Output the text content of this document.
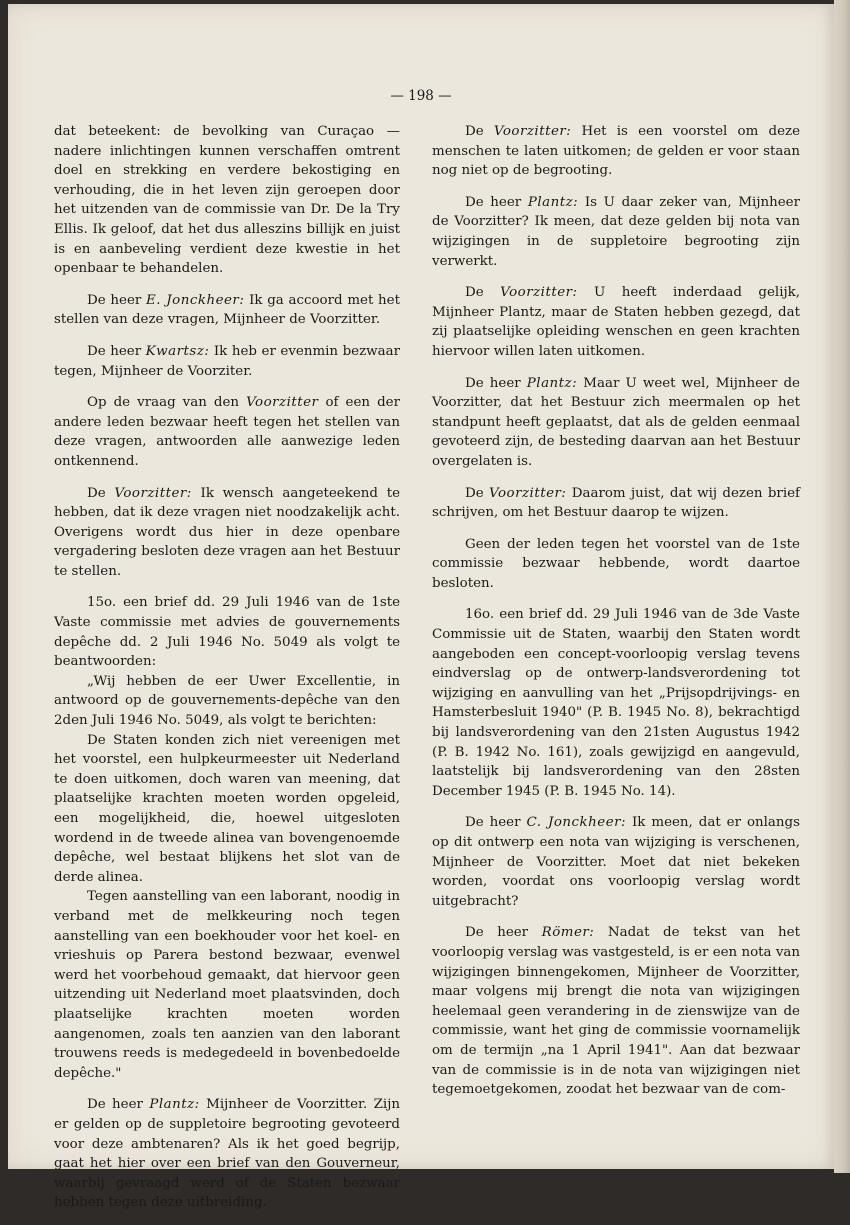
— 198 —

dat beteekent: de bevolking van Curaçao — nadere inlichtingen kunnen verschaffen omtrent doel en strekking en verdere bekostiging en verhouding, die in het leven zijn geroepen door het uitzenden van de commissie van Dr. De la Try Ellis. Ik geloof, dat het dus alleszins billijk en juist is en aanbeveling verdient deze kwestie in het openbaar te behandelen.

De heer E. Jonckheer: Ik ga accoord met het stellen van deze vragen, Mijnheer de Voorzitter.

De heer Kwartsz: Ik heb er evenmin bezwaar tegen, Mijnheer de Voorziter.

Op de vraag van den Voorzitter of een der andere leden bezwaar heeft tegen het stellen van deze vragen, antwoorden alle aanwezige leden ontkennend.

De Voorzitter: Ik wensch aangeteekend te hebben, dat ik deze vragen niet noodzakelijk acht. Overigens wordt dus hier in deze openbare vergadering besloten deze vragen aan het Bestuur te stellen.

15o. een brief dd. 29 Juli 1946 van de 1ste Vaste commissie met advies de gouvernements depêche dd. 2 Juli 1946 No. 5049 als volgt te beantwoorden:

„Wij hebben de eer Uwer Excellentie, in antwoord op de gouvernements-depêche van den 2den Juli 1946 No. 5049, als volgt te berichten:

De Staten konden zich niet vereenigen met het voorstel, een hulpkeurmeester uit Nederland te doen uitkomen, doch waren van meening, dat plaatselijke krachten moeten worden opgeleid, een mogelijkheid, die, hoewel uitgesloten wordend in de tweede alinea van bovengenoemde depêche, wel bestaat blijkens het slot van de derde alinea.

Tegen aanstelling van een laborant, noodig in verband met de melkkeuring noch tegen aanstelling van een boekhouder voor het koel- en vrieshuis op Parera bestond bezwaar, evenwel werd het voorbehoud gemaakt, dat hiervoor geen uitzending uit Nederland moet plaatsvinden, doch plaatselijke krachten moeten worden aangenomen, zoals ten aanzien van den laborant trouwens reeds is medegedeeld in bovenbedoelde depêche."

De heer Plantz: Mijnheer de Voorzitter. Zijn er gelden op de suppletoire begrooting gevoteerd voor deze ambtenaren? Als ik het goed begrijp, gaat het hier over een brief van den Gouverneur, waarbij gevraagd werd of de Staten bezwaar hebben tegen deze uitbreiding.

De Voorzitter: Het is een voorstel om deze menschen te laten uitkomen; de gelden er voor staan nog niet op de begrooting.

De heer Plantz: Is U daar zeker van, Mijnheer de Voorzitter? Ik meen, dat deze gelden bij nota van wijzigingen in de suppletoire begrooting zijn verwerkt.

De Voorzitter: U heeft inderdaad gelijk, Mijnheer Plantz, maar de Staten hebben gezegd, dat zij plaatselijke opleiding wenschen en geen krachten hiervoor willen laten uitkomen.

De heer Plantz: Maar U weet wel, Mijnheer de Voorzitter, dat het Bestuur zich meermalen op het standpunt heeft geplaatst, dat als de gelden eenmaal gevoteerd zijn, de besteding daarvan aan het Bestuur overgelaten is.

De Voorzitter: Daarom juist, dat wij dezen brief schrijven, om het Bestuur daarop te wijzen.

Geen der leden tegen het voorstel van de 1ste commissie bezwaar hebbende, wordt daartoe besloten.

16o. een brief dd. 29 Juli 1946 van de 3de Vaste Commissie uit de Staten, waarbij den Staten wordt aangeboden een concept-voorloopig verslag tevens eindverslag op de ontwerp-landsverordening tot wijziging en aanvulling van het „Prijsopdrijvings- en Hamsterbesluit 1940" (P. B. 1945 No. 8), bekrachtigd bij landsverordening van den 21sten Augustus 1942 (P. B. 1942 No. 161), zoals gewijzigd en aangevuld, laatstelijk bij landsverordening van den 28sten December 1945 (P. B. 1945 No. 14).

De heer C. Jonckheer: Ik meen, dat er onlangs op dit ontwerp een nota van wijziging is verschenen, Mijnheer de Voorzitter. Moet dat niet bekeken worden, voordat ons voorloopig verslag wordt uitgebracht?

De heer Römer: Nadat de tekst van het voorloopig verslag was vastgesteld, is er een nota van wijzigingen binnengekomen, Mijnheer de Voorzitter, maar volgens mij brengt die nota van wijzigingen heelemaal geen verandering in de zienswijze van de commissie, want het ging de commissie voornamelijk om de termijn „na 1 April 1941". Aan dat bezwaar van de commissie is in de nota van wijzigingen niet tegemoetgekomen, zoodat het bezwaar van de com-
